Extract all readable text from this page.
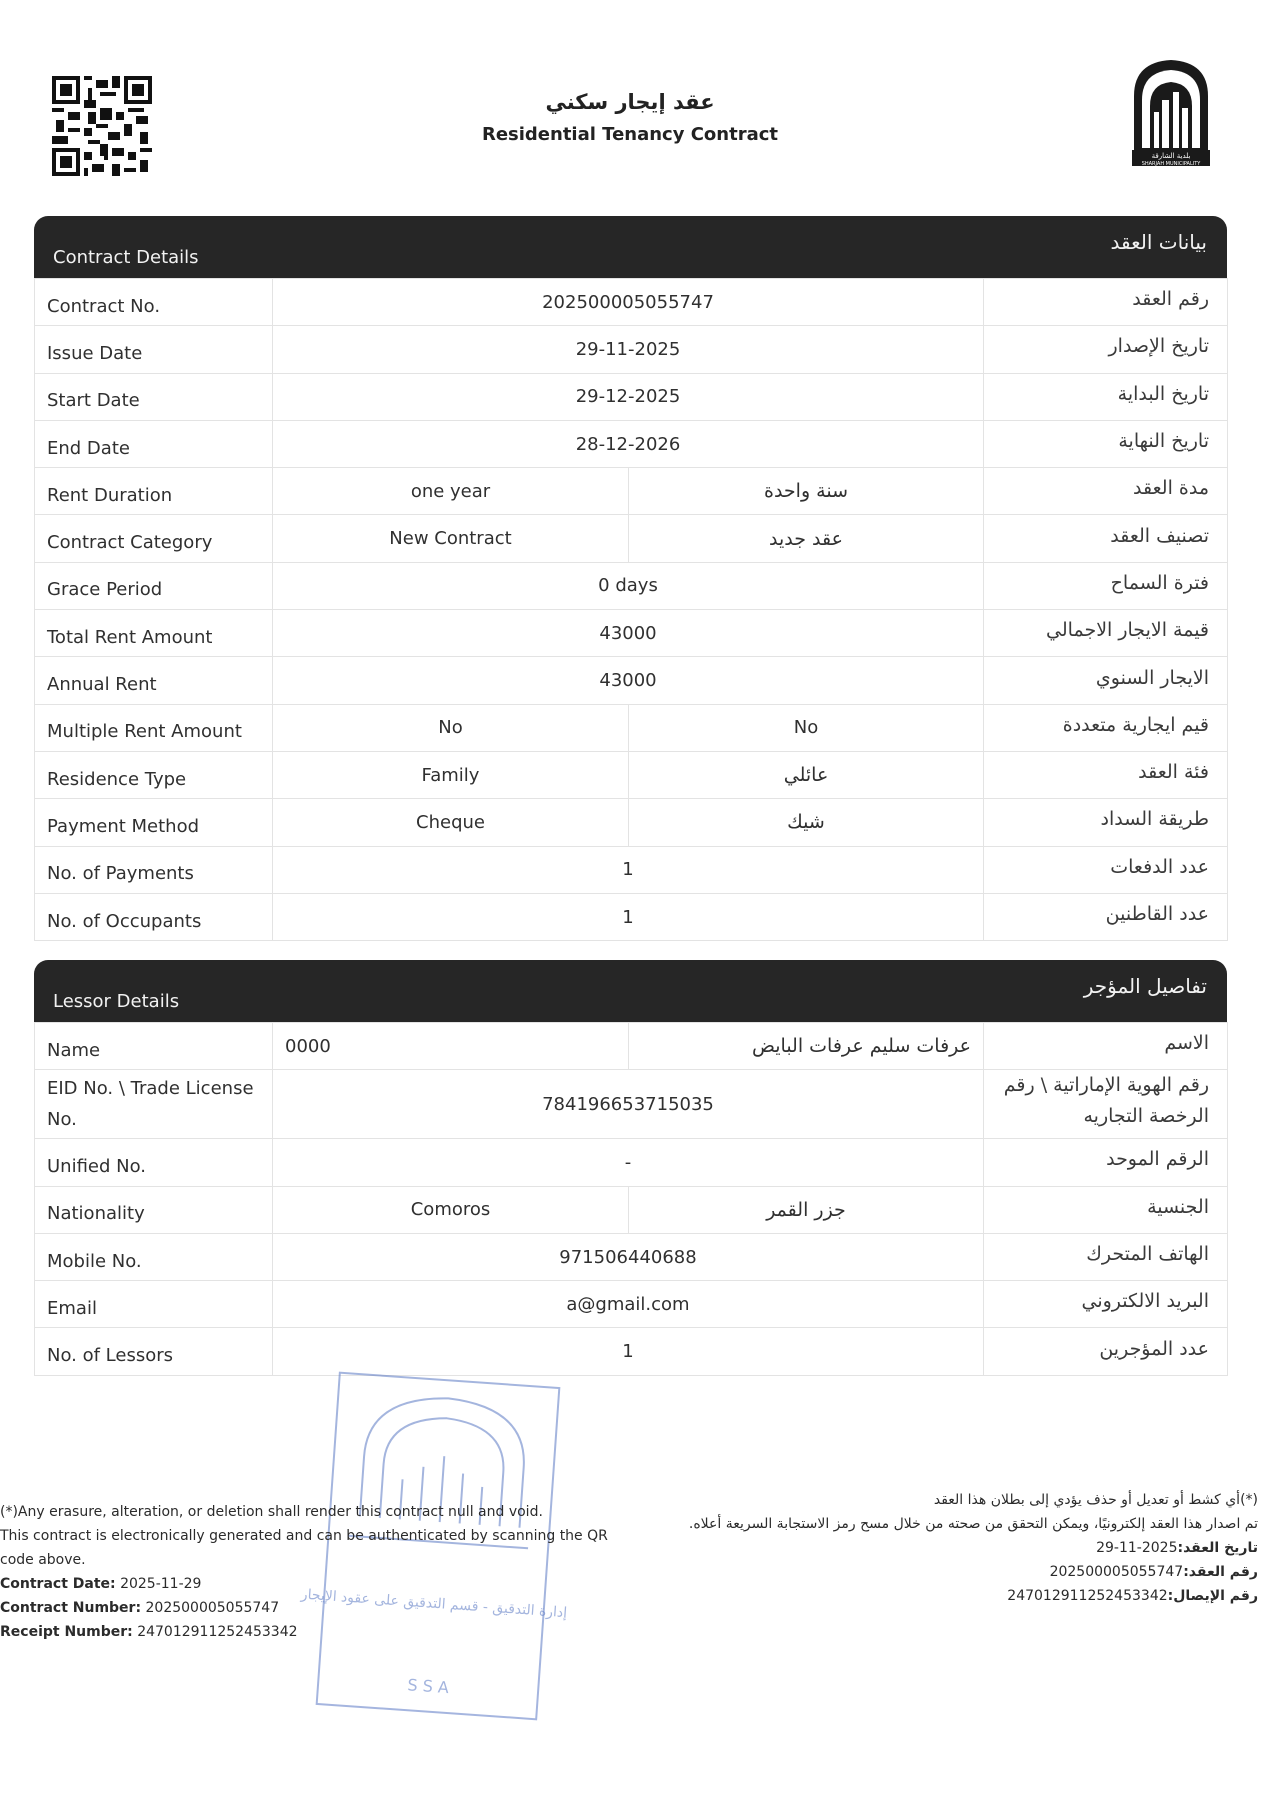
عقد إيجار سكني
Residential Tenancy Contract
بلدية الشارقة
SHARJAH MUNICIPALITY
Contract Details
بيانات العقد
Contract No.	202500005055747		رقم العقد
Issue Date	29-11-2025		تاريخ الإصدار
Start Date	29-12-2025		تاريخ البداية
End Date	28-12-2026		تاريخ النهاية
Rent Duration	one year	سنة واحدة	مدة العقد
Contract Category	New Contract	عقد جديد	تصنيف العقد
Grace Period	0 days		فترة السماح
Total Rent Amount	43000		قيمة الايجار الاجمالي
Annual Rent	43000		الايجار السنوي
Multiple Rent Amount	No	No	قيم ايجارية متعددة
Residence Type	Family	عائلي	فئة العقد
Payment Method	Cheque	شيك	طريقة السداد
No. of Payments	1		عدد الدفعات
No. of Occupants	1		عدد القاطنين
Lessor Details
تفاصيل المؤجر
Name	0000	عرفات سليم عرفات البايض	الاسم
EID No. \ Trade License No.	784196653715035		رقم الهوية الإماراتية \ رقم الرخصة التجاريه
Unified No.	-		الرقم الموحد
Nationality	Comoros	جزر القمر	الجنسية
Mobile No.	971506440688		الهاتف المتحرك
Email	a@gmail.com		البريد الالكتروني
No. of Lessors	1		عدد المؤجرين
إدارة التدقيق - قسم التدقيق على عقود الإيجار
S S A
(*)Any erasure, alteration, or deletion shall render this contract null and void.
This contract is electronically generated and can be authenticated by scanning the QR code above.
Contract Date: 2025-11-29
Contract Number: 202500005055747
Receipt Number: 247012911252453342
(*)أي كشط أو تعديل أو حذف يؤدي إلى بطلان هذا العقد
تم اصدار هذا العقد إلكترونيًا، ويمكن التحقق من صحته من خلال مسح رمز الاستجابة السريعة أعلاه.
تاريخ العقد:2025-11-29
رقم العقد:202500005055747
رقم الإيصال:247012911252453342
